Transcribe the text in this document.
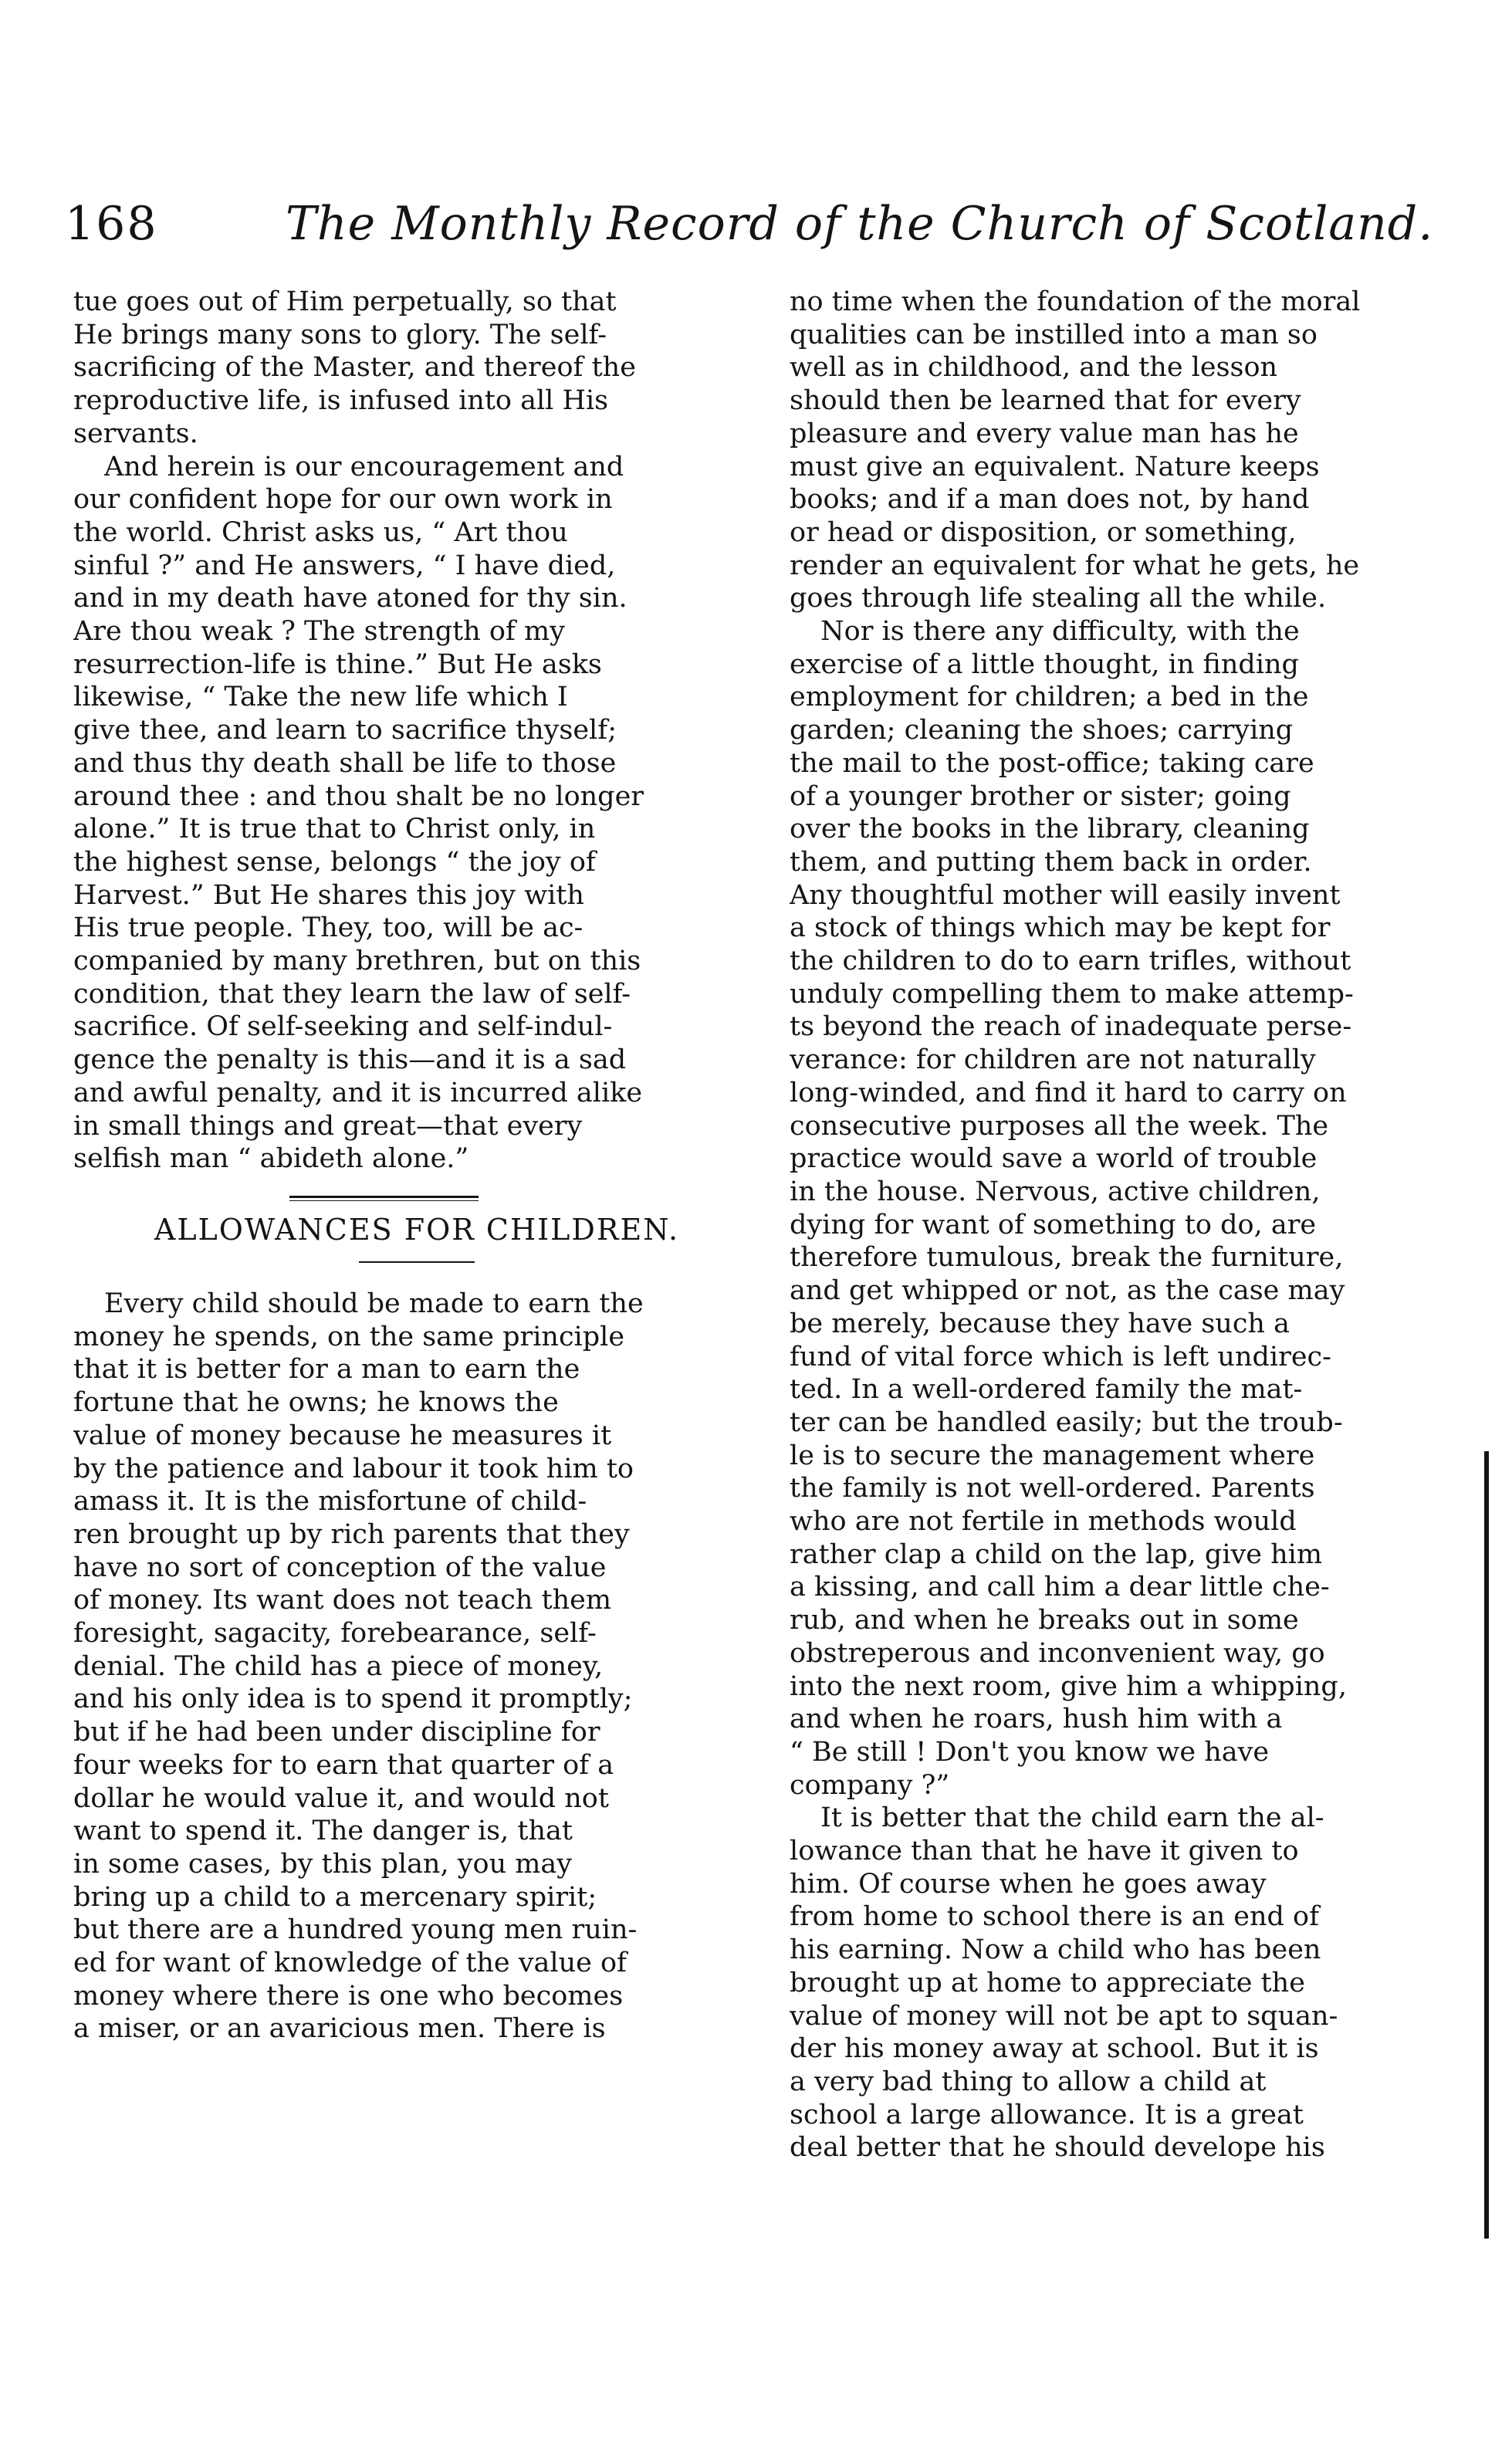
168	The Monthly Record of the Church of Scotland.

tue goes out of Him perpetually, so that
He brings many sons to glory. The self-
sacrificing of the Master, and thereof the
reproductive life, is infused into all His
servants.

And herein is our encouragement and
our confident hope for our own work in
the world. Christ asks us, “ Art thou
sinful ?” and He answers, “ I have died,
and in my death have atoned for thy sin.
Are thou weak ? The strength of my
resurrection-life is thine.” But He asks
likewise, “ Take the new life which I
give thee, and learn to sacrifice thyself;
and thus thy death shall be life to those
around thee : and thou shalt be no longer
alone.” It is true that to Christ only, in
the highest sense, belongs “ the joy of
Harvest.” But He shares this joy with
His true people. They, too, will be ac-
companied by many brethren, but on this
condition, that they learn the law of self-
sacrifice. Of self-seeking and self-indul-
gence the penalty is this—and it is a sad
and awful penalty, and it is incurred alike
in small things and great—that every
selfish man “ abideth alone.”

ALLOWANCES FOR CHILDREN.

Every child should be made to earn the
money he spends, on the same principle
that it is better for a man to earn the
fortune that he owns; he knows the
value of money because he measures it
by the patience and labour it took him to
amass it. It is the misfortune of child-
ren brought up by rich parents that they
have no sort of conception of the value
of money. Its want does not teach them
foresight, sagacity, forebearance, self-
denial. The child has a piece of money,
and his only idea is to spend it promptly;
but if he had been under discipline for
four weeks for to earn that quarter of a
dollar he would value it, and would not
want to spend it. The danger is, that
in some cases, by this plan, you may
bring up a child to a mercenary spirit;
but there are a hundred young men ruin-
ed for want of knowledge of the value of
money where there is one who becomes
a miser, or an avaricious men. There is

no time when the foundation of the moral
qualities can be instilled into a man so
well as in childhood, and the lesson
should then be learned that for every
pleasure and every value man has he
must give an equivalent. Nature keeps
books; and if a man does not, by hand
or head or disposition, or something,
render an equivalent for what he gets, he
goes through life stealing all the while.

Nor is there any difficulty, with the
exercise of a little thought, in finding
employment for children; a bed in the
garden; cleaning the shoes; carrying
the mail to the post-office; taking care
of a younger brother or sister; going
over the books in the library, cleaning
them, and putting them back in order.
Any thoughtful mother will easily invent
a stock of things which may be kept for
the children to do to earn trifles, without
unduly compelling them to make attemp-
ts beyond the reach of inadequate perse-
verance: for children are not naturally
long-winded, and find it hard to carry on
consecutive purposes all the week. The
practice would save a world of trouble
in the house. Nervous, active children,
dying for want of something to do, are
therefore tumulous, break the furniture,
and get whipped or not, as the case may
be merely, because they have such a
fund of vital force which is left undirec-
ted. In a well-ordered family the mat-
ter can be handled easily; but the troub-
le is to secure the management where
the family is not well-ordered. Parents
who are not fertile in methods would
rather clap a child on the lap, give him
a kissing, and call him a dear little che-
rub, and when he breaks out in some
obstreperous and inconvenient way, go
into the next room, give him a whipping,
and when he roars, hush him with a
“ Be still ! Don't you know we have
company ?”

It is better that the child earn the al-
lowance than that he have it given to
him. Of course when he goes away
from home to school there is an end of
his earning. Now a child who has been
brought up at home to appreciate the
value of money will not be apt to squan-
der his money away at school. But it is
a very bad thing to allow a child at
school a large allowance. It is a great
deal better that he should develope his
